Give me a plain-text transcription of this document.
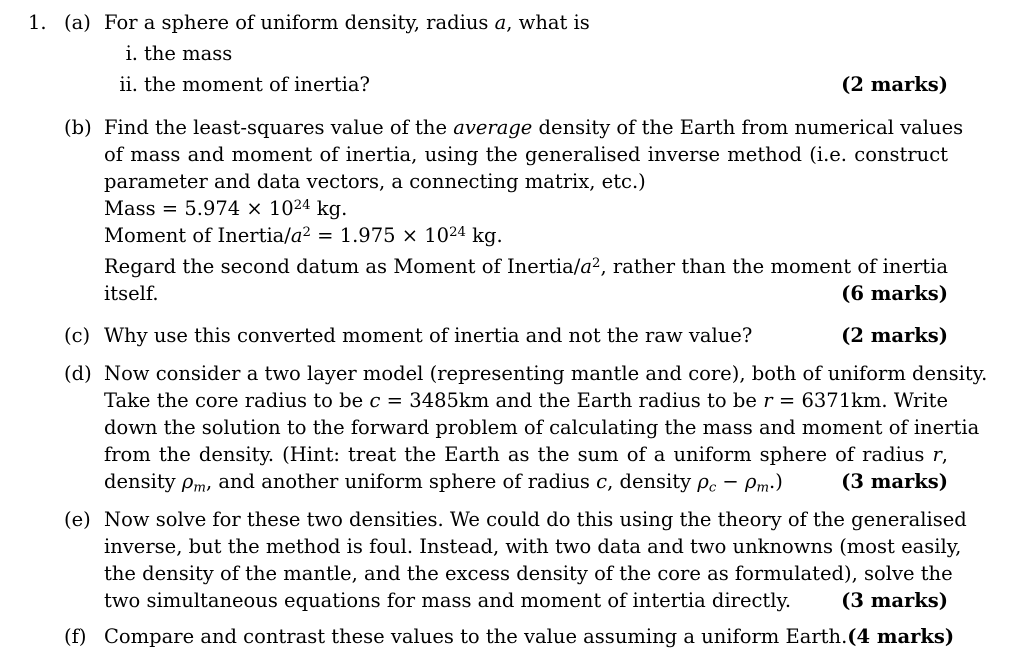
1. (a) For a sphere of uniform density, radius a, what is
i. the mass
ii. the moment of inertia?	(2 marks)
(b) Find the least-squares value of the average density of the Earth from numerical values
of mass and moment of inertia, using the generalised inverse method (i.e. construct
parameter and data vectors, a connecting matrix, etc.)
Mass = $5.974 \times 10^{24}$ kg.
Moment of Inertia/$a^2 = 1.975 \times 10^{24}$ kg.
Regard the second datum as Moment of Inertia/$a^2$, rather than the moment of inertia
itself.	(6 marks)
(c) Why use this converted moment of inertia and not the raw value?	(2 marks)
(d) Now consider a two layer model (representing mantle and core), both of uniform density.
Take the core radius to be c = 3485km and the Earth radius to be r = 6371km. Write
down the solution to the forward problem of calculating the mass and moment of inertia
from the density. (Hint: treat the Earth as the sum of a uniform sphere of radius r,
density $\rho_m$, and another uniform sphere of radius c, density $\rho_c - \rho_m$.)	(3 marks)
(e) Now solve for these two densities. We could do this using the theory of the generalised
inverse, but the method is foul. Instead, with two data and two unknowns (most easily,
the density of the mantle, and the excess density of the core as formulated), solve the
two simultaneous equations for mass and moment of intertia directly.	(3 marks)
(f) Compare and contrast these values to the value assuming a uniform Earth. (4 marks)
